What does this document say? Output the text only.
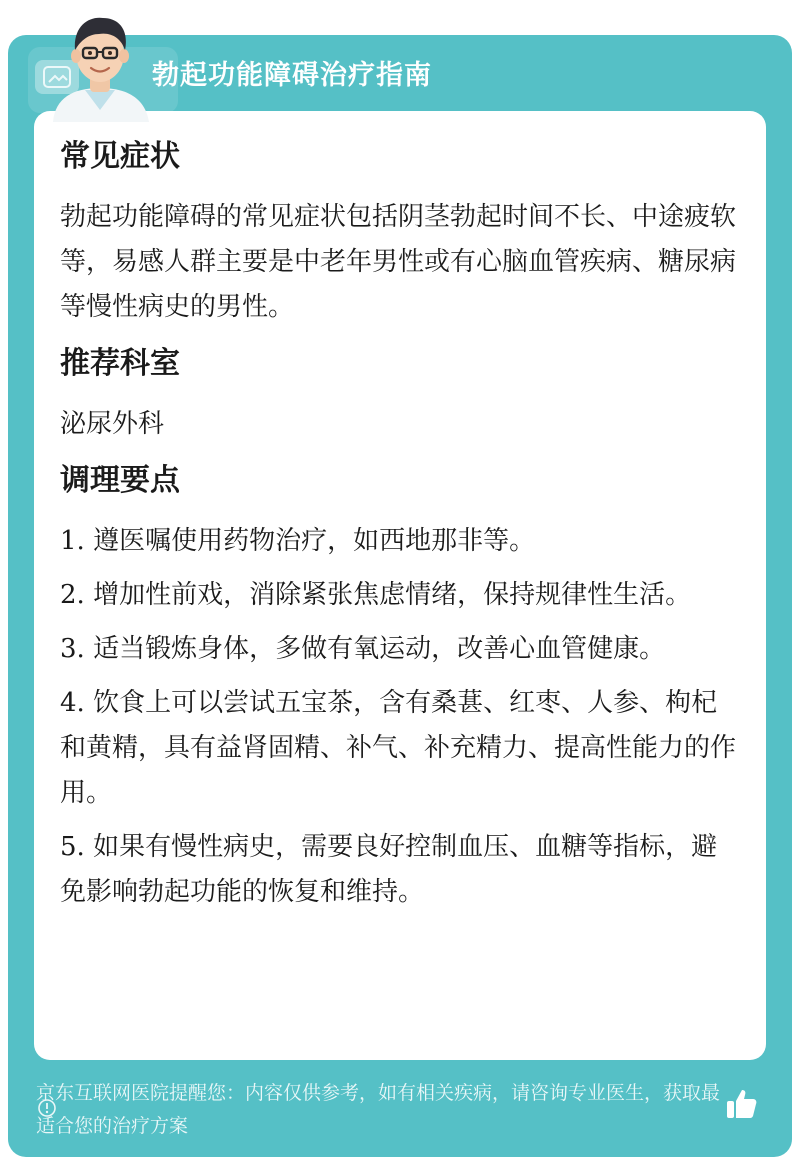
勃起功能障碍治疗指南
常见症状
勃起功能障碍的常见症状包括阴茎勃起时间不长、中途疲软等，易感人群主要是中老年男性或有心脑血管疾病、糖尿病等慢性病史的男性。
推荐科室
泌尿外科
调理要点
1. 遵医嘱使用药物治疗，如西地那非等。
2. 增加性前戏，消除紧张焦虑情绪，保持规律性生活。
3. 适当锻炼身体，多做有氧运动，改善心血管健康。
4. 饮食上可以尝试五宝茶，含有桑葚、红枣、人参、枸杞和黄精，具有益肾固精、补气、补充精力、提高性能力的作用。
5. 如果有慢性病史，需要良好控制血压、血糖等指标，避免影响勃起功能的恢复和维持。
京东互联网医院提醒您：内容仅供参考，如有相关疾病，请咨询专业医生，获取最适合您的治疗方案
